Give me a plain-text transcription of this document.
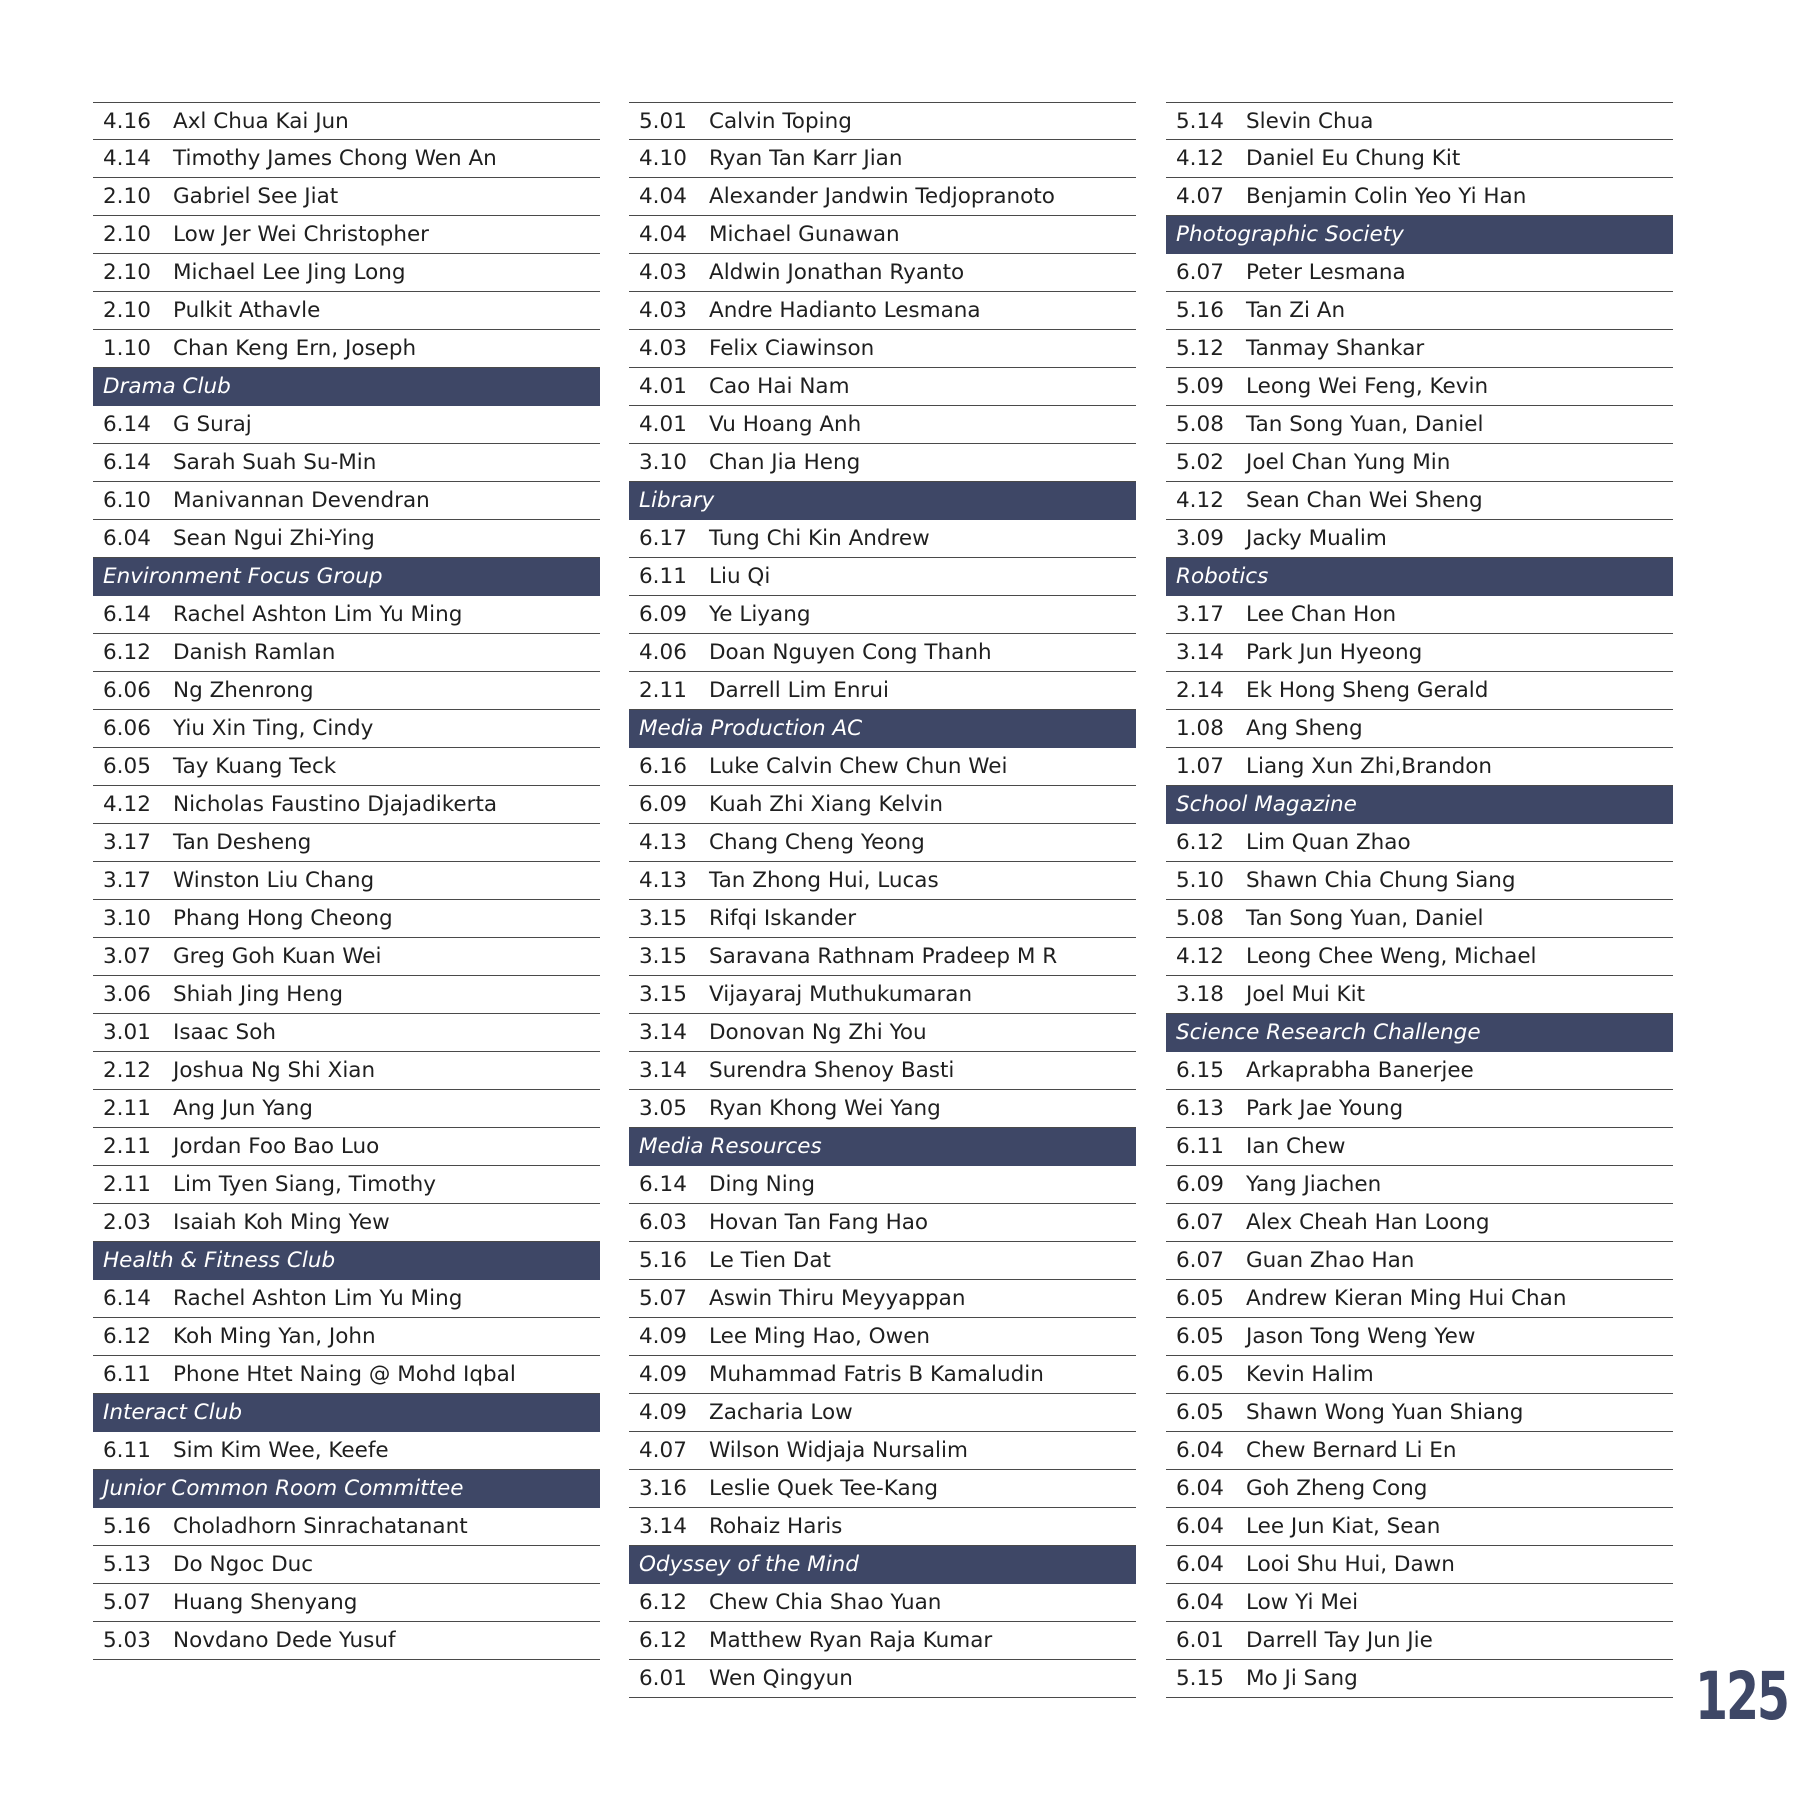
4.16 Axl Chua Kai Jun
4.14 Timothy James Chong Wen An
2.10 Gabriel See Jiat
2.10 Low Jer Wei Christopher
2.10 Michael Lee Jing Long
2.10 Pulkit Athavle
1.10 Chan Keng Ern, Joseph
Drama Club
6.14 G Suraj
6.14 Sarah Suah Su-Min
6.10 Manivannan Devendran
6.04 Sean Ngui Zhi-Ying
Environment Focus Group
6.14 Rachel Ashton Lim Yu Ming
6.12 Danish Ramlan
6.06 Ng Zhenrong
6.06 Yiu Xin Ting, Cindy
6.05 Tay Kuang Teck
4.12 Nicholas Faustino Djajadikerta
3.17 Tan Desheng
3.17 Winston Liu Chang
3.10 Phang Hong Cheong
3.07 Greg Goh Kuan Wei
3.06 Shiah Jing Heng
3.01 Isaac Soh
2.12 Joshua Ng Shi Xian
2.11 Ang Jun Yang
2.11 Jordan Foo Bao Luo
2.11 Lim Tyen Siang, Timothy
2.03 Isaiah Koh Ming Yew
Health & Fitness Club
6.14 Rachel Ashton Lim Yu Ming
6.12 Koh Ming Yan, John
6.11 Phone Htet Naing @ Mohd Iqbal
Interact Club
6.11 Sim Kim Wee, Keefe
Junior Common Room Committee
5.16 Choladhorn Sinrachatanant
5.13 Do Ngoc Duc
5.07 Huang Shenyang
5.03 Novdano Dede Yusuf
5.01 Calvin Toping
4.10 Ryan Tan Karr Jian
4.04 Alexander Jandwin Tedjopranoto
4.04 Michael Gunawan
4.03 Aldwin Jonathan Ryanto
4.03 Andre Hadianto Lesmana
4.03 Felix Ciawinson
4.01 Cao Hai Nam
4.01 Vu Hoang Anh
3.10 Chan Jia Heng
Library
6.17 Tung Chi Kin Andrew
6.11 Liu Qi
6.09 Ye Liyang
4.06 Doan Nguyen Cong Thanh
2.11 Darrell Lim Enrui
Media Production AC
6.16 Luke Calvin Chew Chun Wei
6.09 Kuah Zhi Xiang Kelvin
4.13 Chang Cheng Yeong
4.13 Tan Zhong Hui, Lucas
3.15 Rifqi Iskander
3.15 Saravana Rathnam Pradeep M R
3.15 Vijayaraj Muthukumaran
3.14 Donovan Ng Zhi You
3.14 Surendra Shenoy Basti
3.05 Ryan Khong Wei Yang
Media Resources
6.14 Ding Ning
6.03 Hovan Tan Fang Hao
5.16 Le Tien Dat
5.07 Aswin Thiru Meyyappan
4.09 Lee Ming Hao, Owen
4.09 Muhammad Fatris B Kamaludin
4.09 Zacharia Low
4.07 Wilson Widjaja Nursalim
3.16 Leslie Quek Tee-Kang
3.14 Rohaiz Haris
Odyssey of the Mind
6.12 Chew Chia Shao Yuan
6.12 Matthew Ryan Raja Kumar
6.01 Wen Qingyun
5.14 Slevin Chua
4.12 Daniel Eu Chung Kit
4.07 Benjamin Colin Yeo Yi Han
Photographic Society
6.07 Peter Lesmana
5.16 Tan Zi An
5.12 Tanmay Shankar
5.09 Leong Wei Feng, Kevin
5.08 Tan Song Yuan, Daniel
5.02 Joel Chan Yung Min
4.12 Sean Chan Wei Sheng
3.09 Jacky Mualim
Robotics
3.17 Lee Chan Hon
3.14 Park Jun Hyeong
2.14 Ek Hong Sheng Gerald
1.08 Ang Sheng
1.07 Liang Xun Zhi,Brandon
School Magazine
6.12 Lim Quan Zhao
5.10 Shawn Chia Chung Siang
5.08 Tan Song Yuan, Daniel
4.12 Leong Chee Weng, Michael
3.18 Joel Mui Kit
Science Research Challenge
6.15 Arkaprabha Banerjee
6.13 Park Jae Young
6.11 Ian Chew
6.09 Yang Jiachen
6.07 Alex Cheah Han Loong
6.07 Guan Zhao Han
6.05 Andrew Kieran Ming Hui Chan
6.05 Jason Tong Weng Yew
6.05 Kevin Halim
6.05 Shawn Wong Yuan Shiang
6.04 Chew Bernard Li En
6.04 Goh Zheng Cong
6.04 Lee Jun Kiat, Sean
6.04 Looi Shu Hui, Dawn
6.04 Low Yi Mei
6.01 Darrell Tay Jun Jie
5.15 Mo Ji Sang	125
